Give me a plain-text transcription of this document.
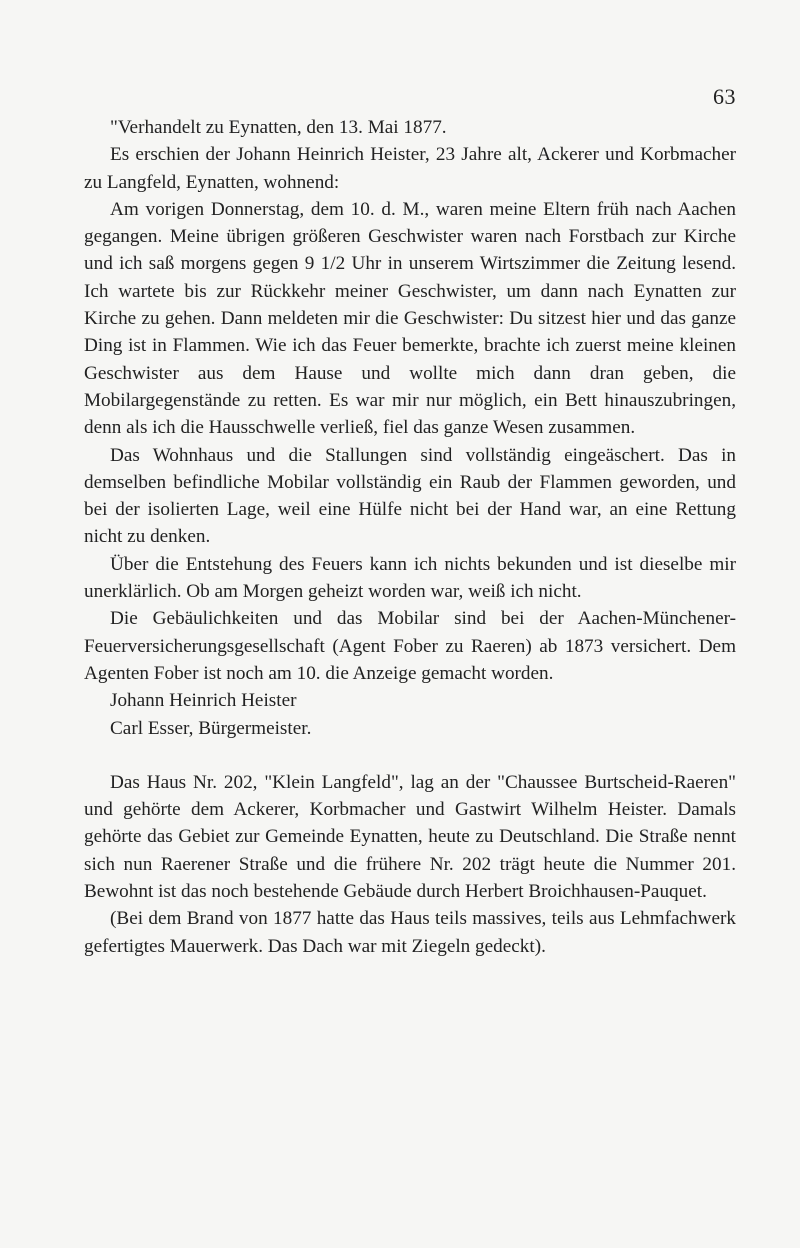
63

"Verhandelt zu Eynatten, den 13. Mai 1877.

Es erschien der Johann Heinrich Heister, 23 Jahre alt, Ackerer und Korbmacher zu Langfeld, Eynatten, wohnend:

Am vorigen Donnerstag, dem 10. d. M., waren meine Eltern früh nach Aachen gegangen. Meine übrigen größeren Geschwister waren nach Forstbach zur Kirche und ich saß morgens gegen 9 1/2 Uhr in unserem Wirtszimmer die Zeitung lesend. Ich wartete bis zur Rückkehr meiner Geschwister, um dann nach Eynatten zur Kirche zu gehen. Dann meldeten mir die Geschwister: Du sitzest hier und das ganze Ding ist in Flammen. Wie ich das Feuer bemerkte, brachte ich zuerst meine kleinen Geschwister aus dem Hause und wollte mich dann dran geben, die Mobilargegenstände zu retten. Es war mir nur möglich, ein Bett hinauszubringen, denn als ich die Hausschwelle verließ, fiel das ganze Wesen zusammen.

Das Wohnhaus und die Stallungen sind vollständig eingeäschert. Das in demselben befindliche Mobilar vollständig ein Raub der Flammen geworden, und bei der isolierten Lage, weil eine Hülfe nicht bei der Hand war, an eine Rettung nicht zu denken.

Über die Entstehung des Feuers kann ich nichts bekunden und ist dieselbe mir unerklärlich. Ob am Morgen geheizt worden war, weiß ich nicht.

Die Gebäulichkeiten und das Mobilar sind bei der Aachen-Münchener-Feuerversicherungsgesellschaft (Agent Fober zu Raeren) ab 1873 versichert. Dem Agenten Fober ist noch am 10. die Anzeige gemacht worden.

Johann Heinrich Heister

Carl Esser, Bürgermeister.

Das Haus Nr. 202, "Klein Langfeld", lag an der "Chaussee Burtscheid-Raeren" und gehörte dem Ackerer, Korbmacher und Gastwirt Wilhelm Heister. Damals gehörte das Gebiet zur Gemeinde Eynatten, heute zu Deutschland. Die Straße nennt sich nun Raerener Straße und die frühere Nr. 202 trägt heute die Nummer 201. Bewohnt ist das noch bestehende Gebäude durch Herbert Broichhausen-Pauquet.

(Bei dem Brand von 1877 hatte das Haus teils massives, teils aus Lehmfachwerk gefertigtes Mauerwerk. Das Dach war mit Ziegeln gedeckt).
